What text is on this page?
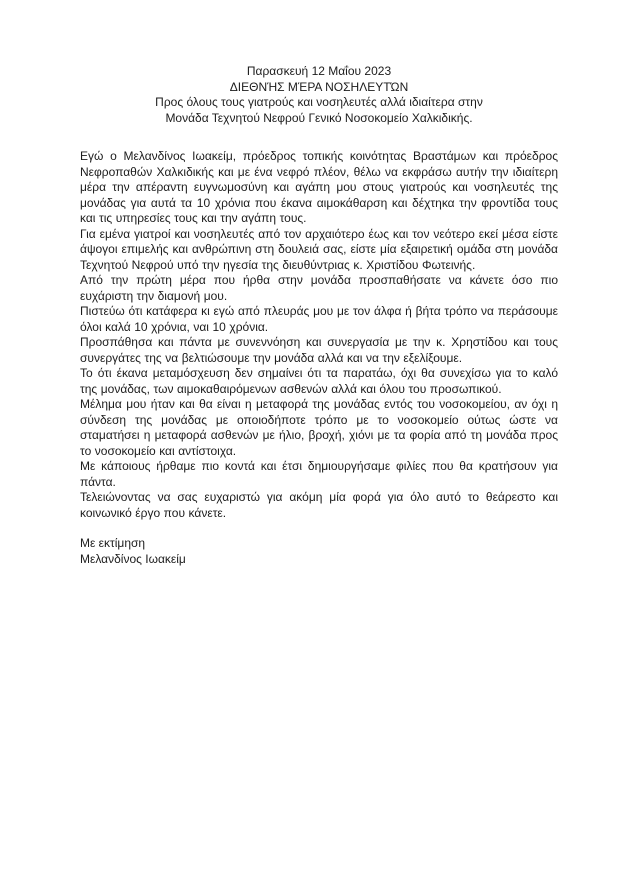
Παρασκευή 12 Μαΐου 2023
ΔΙΕΘΝΉΣ ΜΈΡΑ ΝΟΣΗΛΕΥΤΏΝ
Προς όλους τους γιατρούς και νοσηλευτές αλλά ιδιαίτερα στην
Μονάδα Τεχνητού Νεφρού Γενικό Νοσοκομείο Χαλκιδικής.

Εγώ ο Μελανδίνος Ιωακείμ, πρόεδρος τοπικής κοινότητας Βραστάμων και πρόεδρος Νεφροπαθών Χαλκιδικής και με ένα νεφρό πλέον, θέλω να εκφράσω αυτήν την ιδιαίτερη μέρα την απέραντη ευγνωμοσύνη και αγάπη μου στους γιατρούς και νοσηλευτές της μονάδας για αυτά τα 10 χρόνια που έκανα αιμοκάθαρση και δέχτηκα την φροντίδα τους και τις υπηρεσίες τους και την αγάπη τους.

Για εμένα γιατροί και νοσηλευτές από τον αρχαιότερο έως και τον νεότερο εκεί μέσα είστε άψογοι επιμελής και ανθρώπινη στη δουλειά σας, είστε μία εξαιρετική ομάδα στη μονάδα Τεχνητού Νεφρού υπό την ηγεσία της διευθύντριας κ. Χριστίδου Φωτεινής.

Από την πρώτη μέρα που ήρθα στην μονάδα προσπαθήσατε να κάνετε όσο πιο ευχάριστη την διαμονή μου.

Πιστεύω ότι κατάφερα κι εγώ από πλευράς μου με τον άλφα ή βήτα τρόπο να περάσουμε όλοι καλά 10 χρόνια, ναι 10 χρόνια.

Προσπάθησα και πάντα με συνεννόηση και συνεργασία με την κ. Χρηστίδου και τους συνεργάτες της να βελτιώσουμε την μονάδα αλλά και να την εξελίξουμε.

Το ότι έκανα μεταμόσχευση δεν σημαίνει ότι τα παρατάω, όχι θα συνεχίσω για το καλό της μονάδας, των αιμοκαθαιρόμενων ασθενών αλλά και όλου του προσωπικού.

Μέλημα μου ήταν και θα είναι η μεταφορά της μονάδας εντός του νοσοκομείου, αν όχι η σύνδεση της μονάδας με οποιοδήποτε τρόπο με το νοσοκομείο ούτως ώστε να σταματήσει η μεταφορά ασθενών με ήλιο, βροχή, χιόνι με τα φορία από τη μονάδα προς το νοσοκομείο και αντίστοιχα.

Με κάποιους ήρθαμε πιο κοντά και έτσι δημιουργήσαμε φιλίες που θα κρατήσουν για πάντα.

Τελειώνοντας να σας ευχαριστώ για ακόμη μία φορά για όλο αυτό το θεάρεστο και κοινωνικό έργο που κάνετε.

Με εκτίμηση
Μελανδίνος Ιωακείμ
